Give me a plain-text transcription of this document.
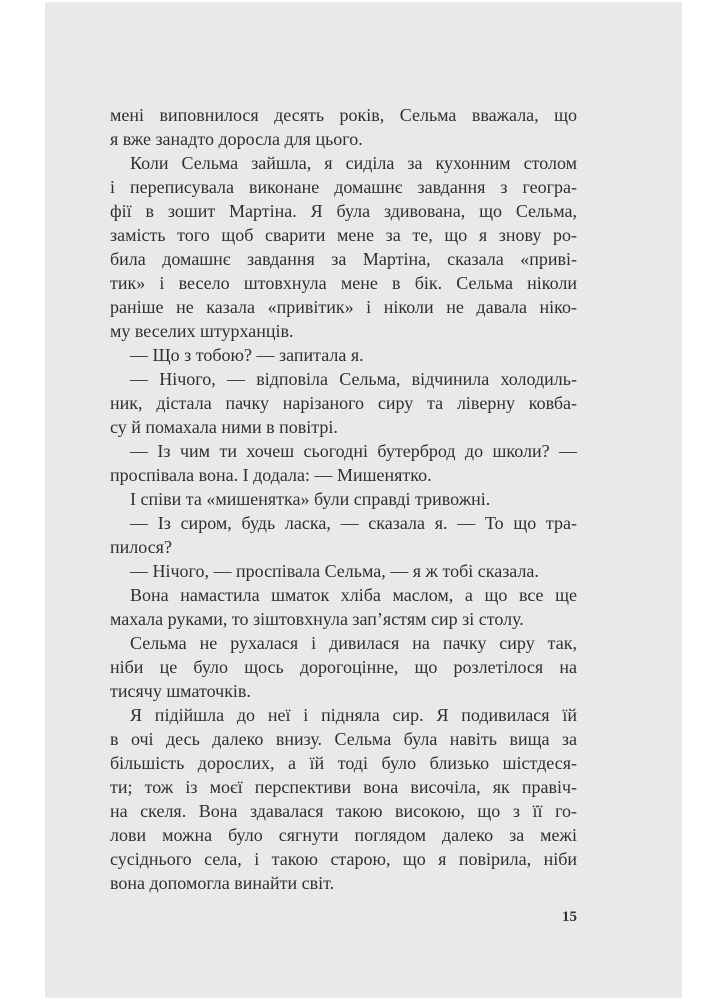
мені виповнилося десять років, Сельма вважала, що
я вже занадто доросла для цього.
Коли Сельма зайшла, я сиділа за кухонним столом
і переписувала виконане домашнє завдання з геогра-
фії в зошит Мартіна. Я була здивована, що Сельма,
замість того щоб сварити мене за те, що я знову ро-
била домашнє завдання за Мартіна, сказала «приві-
тик» і весело штовхнула мене в бік. Сельма ніколи
раніше не казала «привітик» і ніколи не давала ніко-
му веселих штурханців.
— Що з тобою? — запитала я.
— Нічого, — відповіла Сельма, відчинила холодиль-
ник, дістала пачку нарізаного сиру та ліверну ковба-
су й помахала ними в повітрі.
— Із чим ти хочеш сьогодні бутерброд до школи? —
проспівала вона. І додала: — Мишенятко.
І співи та «мишенятка» були справді тривожні.
— Із сиром, будь ласка, — сказала я. — То що тра-
пилося?
— Нічого, — проспівала Сельма, — я ж тобі сказала.
Вона намастила шматок хліба маслом, а що все ще
махала руками, то зіштовхнула зап’ястям сир зі столу.
Сельма не рухалася і дивилася на пачку сиру так,
ніби це було щось дорогоцінне, що розлетілося на
тисячу шматочків.
Я підійшла до неї і підняла сир. Я подивилася їй
в очі десь далеко внизу. Сельма була навіть вища за
більшість дорослих, а їй тоді було близько шістдеся-
ти; тож із моєї перспективи вона височіла, як правіч-
на скеля. Вона здавалася такою високою, що з її го-
лови можна було сягнути поглядом далеко за межі
сусіднього села, і такою старою, що я повірила, ніби
вона допомогла винайти світ.
15
